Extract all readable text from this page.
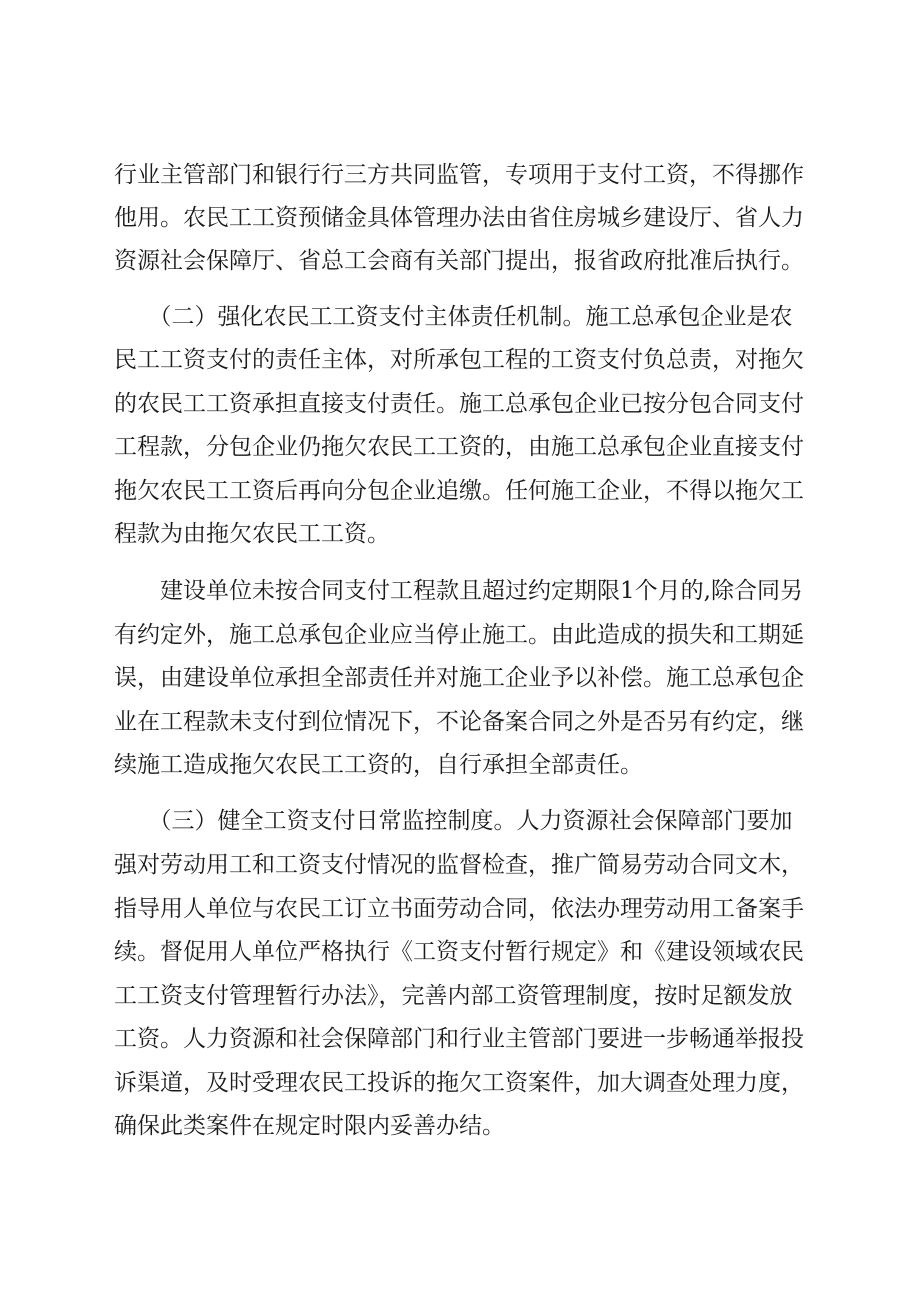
行业主管部门和银行行三方共同监管，专项用于支付工资，不得挪作
他用。农民工工资预储金具体管理办法由省住房城乡建设厅、省人力
资源社会保障厅、省总工会商有关部门提出，报省政府批准后执行。
　　（二）强化农民工工资支付主体责任机制。施工总承包企业是农
民工工资支付的责任主体，对所承包工程的工资支付负总责，对拖欠
的农民工工资承担直接支付责任。施工总承包企业已按分包合同支付
工程款，分包企业仍拖欠农民工工资的，由施工总承包企业直接支付
拖欠农民工工资后再向分包企业追缴。任何施工企业，不得以拖欠工
程款为由拖欠农民工工资。
　　建设单位未按合同支付工程款且超过约定期限1个月的,除合同另
有约定外，施工总承包企业应当停止施工。由此造成的损失和工期延
误，由建设单位承担全部责任并对施工企业予以补偿。施工总承包企
业在工程款未支付到位情况下，不论备案合同之外是否另有约定，继
续施工造成拖欠农民工工资的，自行承担全部责任。
　　（三）健全工资支付日常监控制度。人力资源社会保障部门要加
强对劳动用工和工资支付情况的监督检查，推广简易劳动合同文木，
指导用人单位与农民工订立书面劳动合同，依法办理劳动用工备案手
续。督促用人单位严格执行《工资支付暂行规定》和《建设领域农民
工工资支付管理暂行办法》，完善内部工资管理制度，按时足额发放
工资。人力资源和社会保障部门和行业主管部门要进一步畅通举报投
诉渠道，及时受理农民工投诉的拖欠工资案件，加大调查处理力度，
确保此类案件在规定时限内妥善办结。
